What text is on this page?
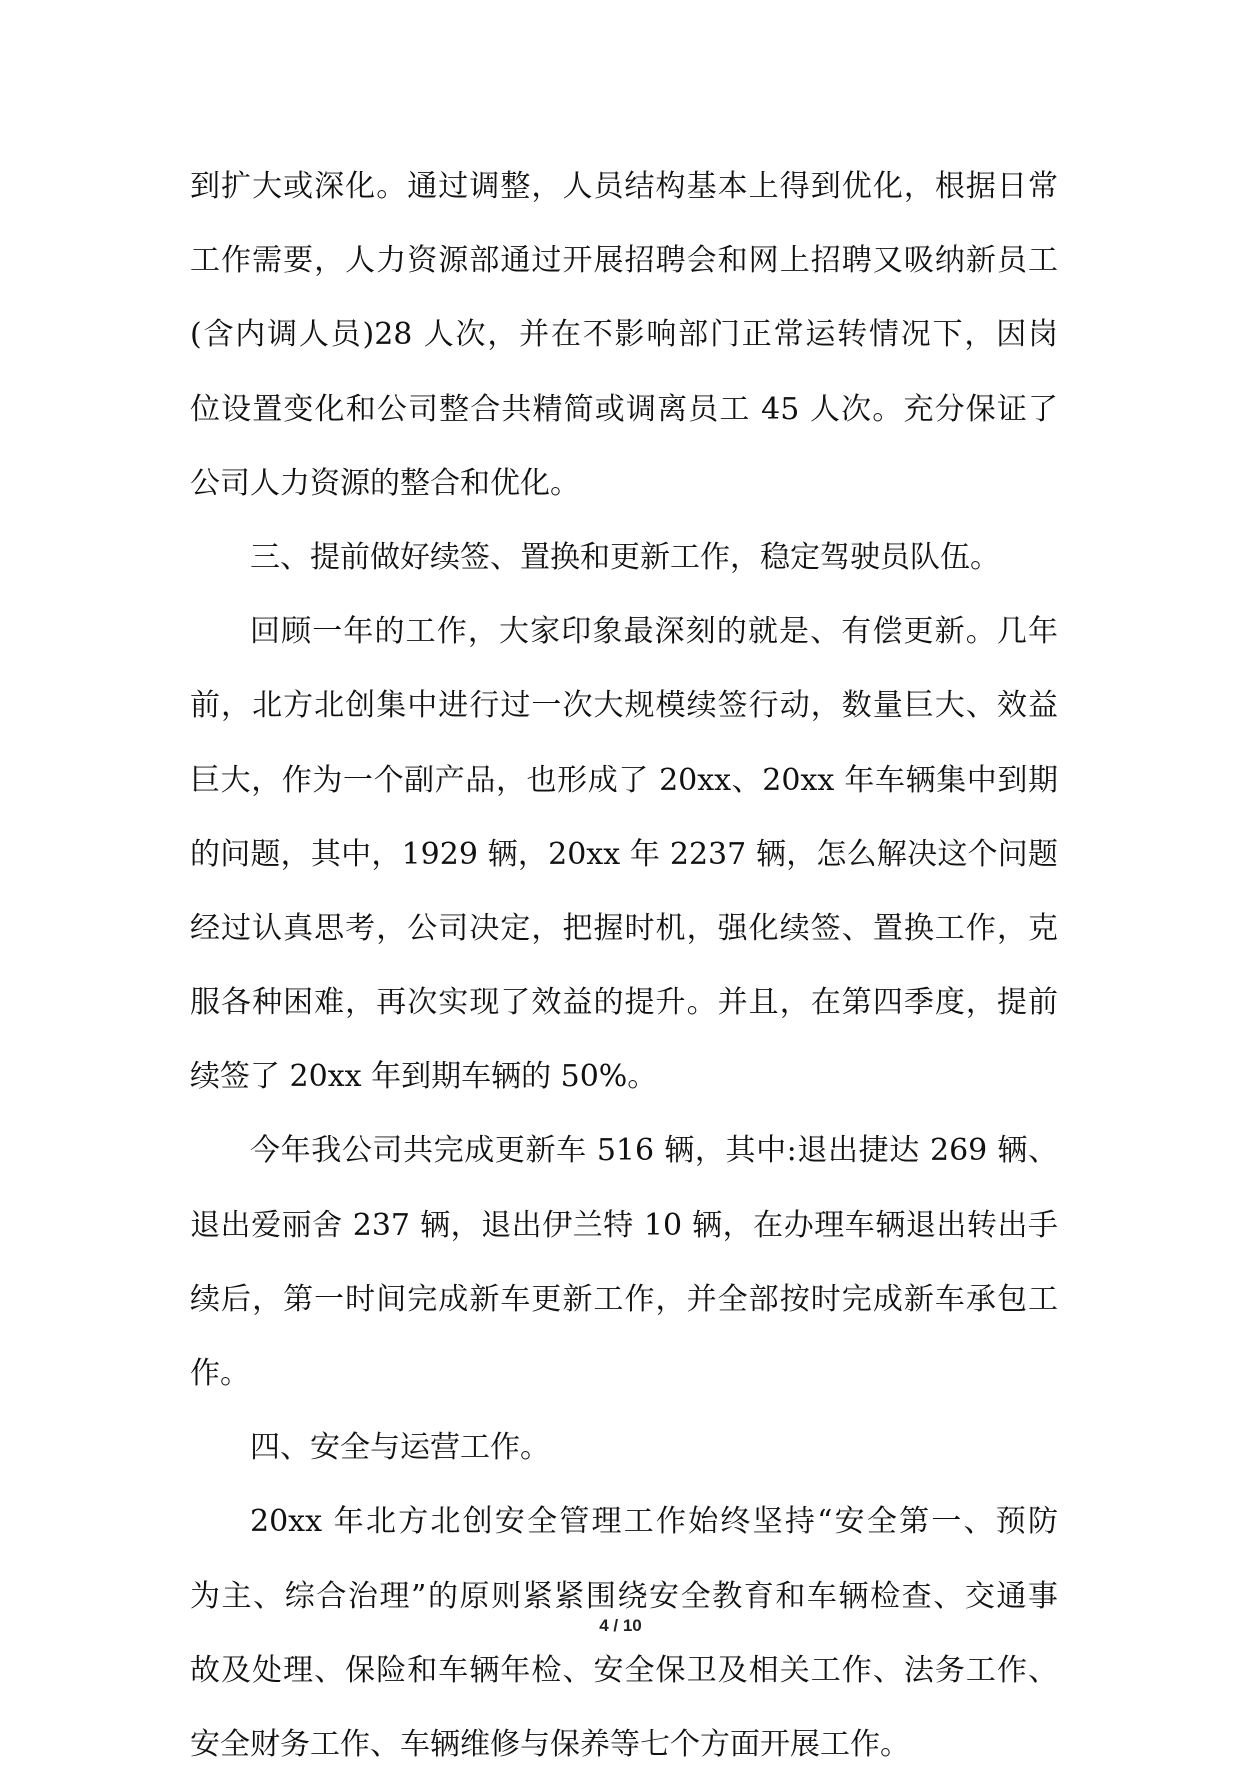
到扩大或深化。通过调整，人员结构基本上得到优化，根据日常
工作需要，人力资源部通过开展招聘会和网上招聘又吸纳新员工
(含内调人员)28 人次，并在不影响部门正常运转情况下，因岗
位设置变化和公司整合共精简或调离员工 45 人次。充分保证了
公司人力资源的整合和优化。
三、提前做好续签、置换和更新工作，稳定驾驶员队伍。
回顾一年的工作，大家印象最深刻的就是、有偿更新。几年
前，北方北创集中进行过一次大规模续签行动，数量巨大、效益
巨大，作为一个副产品，也形成了 20xx、20xx 年车辆集中到期
的问题，其中，1929 辆，20xx 年 2237 辆，怎么解决这个问题
经过认真思考，公司决定，把握时机，强化续签、置换工作，克
服各种困难，再次实现了效益的提升。并且，在第四季度，提前
续签了 20xx 年到期车辆的 50%。
今年我公司共完成更新车 516 辆，其中:退出捷达 269 辆、
退出爱丽舍 237 辆，退出伊兰特 10 辆，在办理车辆退出转出手
续后，第一时间完成新车更新工作，并全部按时完成新车承包工
作。
四、安全与运营工作。
20xx 年北方北创安全管理工作始终坚持“安全第一、预防
为主、综合治理”的原则紧紧围绕安全教育和车辆检查、交通事
故及处理、保险和车辆年检、安全保卫及相关工作、法务工作、
安全财务工作、车辆维修与保养等七个方面开展工作。
4 / 10
